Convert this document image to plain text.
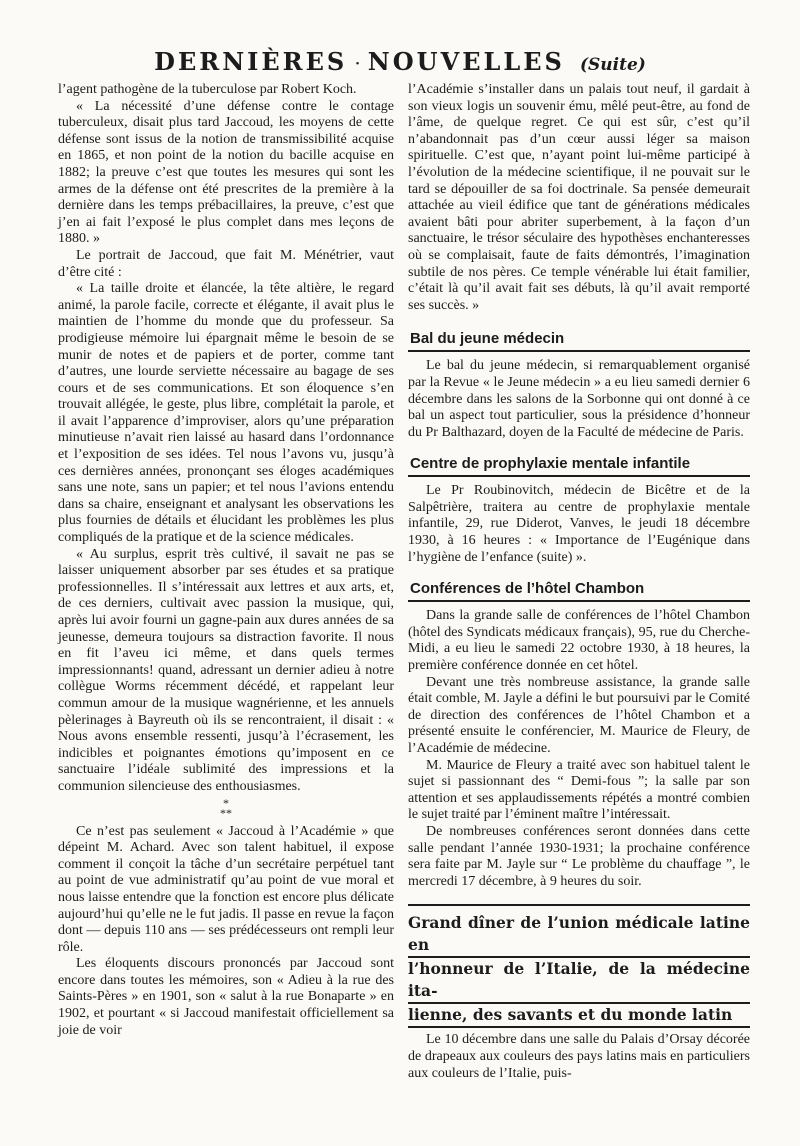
DERNIÈRES · NOUVELLES (Suite)

l’agent pathogène de la tuberculose par Robert Koch.

« La nécessité d’une défense contre le contage tuberculeux, disait plus tard Jaccoud, les moyens de cette défense sont issus de la notion de transmissibilité acquise en 1865, et non point de la notion du bacille acquise en 1882; la preuve c’est que toutes les mesures qui sont les armes de la défense ont été prescrites de la première à la dernière dans les temps prébacillaires, la preuve, c’est que j’en ai fait l’exposé le plus complet dans mes leçons de 1880. »

Le portrait de Jaccoud, que fait M. Ménétrier, vaut d’être cité :

« La taille droite et élancée, la tête altière, le regard animé, la parole facile, correcte et élégante, il avait plus le maintien de l’homme du monde que du professeur. Sa prodigieuse mémoire lui épargnait même le besoin de se munir de notes et de papiers et de porter, comme tant d’autres, une lourde serviette nécessaire au bagage de ses cours et de ses communications. Et son éloquence s’en trouvait allégée, le geste, plus libre, complétait la parole, et il avait l’apparence d’improviser, alors qu’une préparation minutieuse n’avait rien laissé au hasard dans l’ordonnance et l’exposition de ses idées. Tel nous l’avons vu, jusqu’à ces dernières années, prononçant ses éloges académiques sans une note, sans un papier; et tel nous l’avions entendu dans sa chaire, enseignant et analysant les observations les plus fournies de détails et élucidant les problèmes les plus compliqués de la pratique et de la science médicales.

« Au surplus, esprit très cultivé, il savait ne pas se laisser uniquement absorber par ses études et sa pratique professionnelles. Il s’intéressait aux lettres et aux arts, et, de ces derniers, cultivait avec passion la musique, qui, après lui avoir fourni un gagne-pain aux dures années de sa jeunesse, demeura toujours sa distraction favorite. Il nous en fit l’aveu ici même, et dans quels termes impressionnants! quand, adressant un dernier adieu à notre collègue Worms récemment décédé, et rappelant leur commun amour de la musique wagnérienne, et les annuels pèlerinages à Bayreuth où ils se rencontraient, il disait : « Nous avons ensemble ressenti, jusqu’à l’écrasement, les indicibles et poignantes émotions qu’imposent en ce sanctuaire l’idéale sublimité des impressions et la communion silencieuse des enthousiasmes.

*
**

Ce n’est pas seulement « Jaccoud à l’Académie » que dépeint M. Achard. Avec son talent habituel, il expose comment il conçoit la tâche d’un secrétaire perpétuel tant au point de vue administratif qu’au point de vue moral et nous laisse entendre que la fonction est encore plus délicate aujourd’hui qu’elle ne le fut jadis. Il passe en revue la façon dont — depuis 110 ans — ses prédécesseurs ont rempli leur rôle.

Les éloquents discours prononcés par Jaccoud sont encore dans toutes les mémoires, son « Adieu à la rue des Saints-Pères » en 1901, son « salut à la rue Bonaparte » en 1902, et pourtant « si Jaccoud manifestait officiellement sa joie de voir

l’Académie s’installer dans un palais tout neuf, il gardait à son vieux logis un souvenir ému, mêlé peut-être, au fond de l’âme, de quelque regret. Ce qui est sûr, c’est qu’il n’abandonnait pas d’un cœur aussi léger sa maison spirituelle. C’est que, n’ayant point lui-même participé à l’évolution de la médecine scientifique, il ne pouvait sur le tard se dépouiller de sa foi doctrinale. Sa pensée demeurait attachée au vieil édifice que tant de générations médicales avaient bâti pour abriter superbement, à la façon d’un sanctuaire, le trésor séculaire des hypothèses enchanteresses où se complaisait, faute de faits démontrés, l’imagination subtile de nos pères. Ce temple vénérable lui était familier, c’était là qu’il avait fait ses débuts, là qu’il avait remporté ses succès. »

Bal du jeune médecin

Le bal du jeune médecin, si remarquablement organisé par la Revue « le Jeune médecin » a eu lieu samedi dernier 6 décembre dans les salons de la Sorbonne qui ont donné à ce bal un aspect tout particulier, sous la présidence d’honneur du Pr Balthazard, doyen de la Faculté de médecine de Paris.

Centre de prophylaxie mentale infantile

Le Pr Roubinovitch, médecin de Bicêtre et de la Salpêtrière, traitera au centre de prophylaxie mentale infantile, 29, rue Diderot, Vanves, le jeudi 18 décembre 1930, à 16 heures : « Importance de l’Eugénique dans l’hygiène de l’enfance (suite) ».

Conférences de l’hôtel Chambon

Dans la grande salle de conférences de l’hôtel Chambon (hôtel des Syndicats médicaux français), 95, rue du Cherche-Midi, a eu lieu le samedi 22 octobre 1930, à 18 heures, la première conférence donnée en cet hôtel.

Devant une très nombreuse assistance, la grande salle était comble, M. Jayle a défini le but poursuivi par le Comité de direction des conférences de l’hôtel Chambon et a présenté ensuite le conférencier, M. Maurice de Fleury, de l’Académie de médecine.

M. Maurice de Fleury a traité avec son habituel talent le sujet si passionnant des “ Demi-fous ”; la salle par son attention et ses applaudissements répétés a montré combien le sujet traité par l’éminent maître l’intéressait.

De nombreuses conférences seront données dans cette salle pendant l’année 1930-1931; la prochaine conférence sera faite par M. Jayle sur “ Le problème du chauffage ”, le mercredi 17 décembre, à 9 heures du soir.

Grand dîner de l’union médicale latine en
l’honneur de l’Italie, de la médecine ita-
lienne, des savants et du monde latin

Le 10 décembre dans une salle du Palais d’Orsay décorée de drapeaux aux couleurs des pays latins mais en particuliers aux couleurs de l’Italie, puis-
